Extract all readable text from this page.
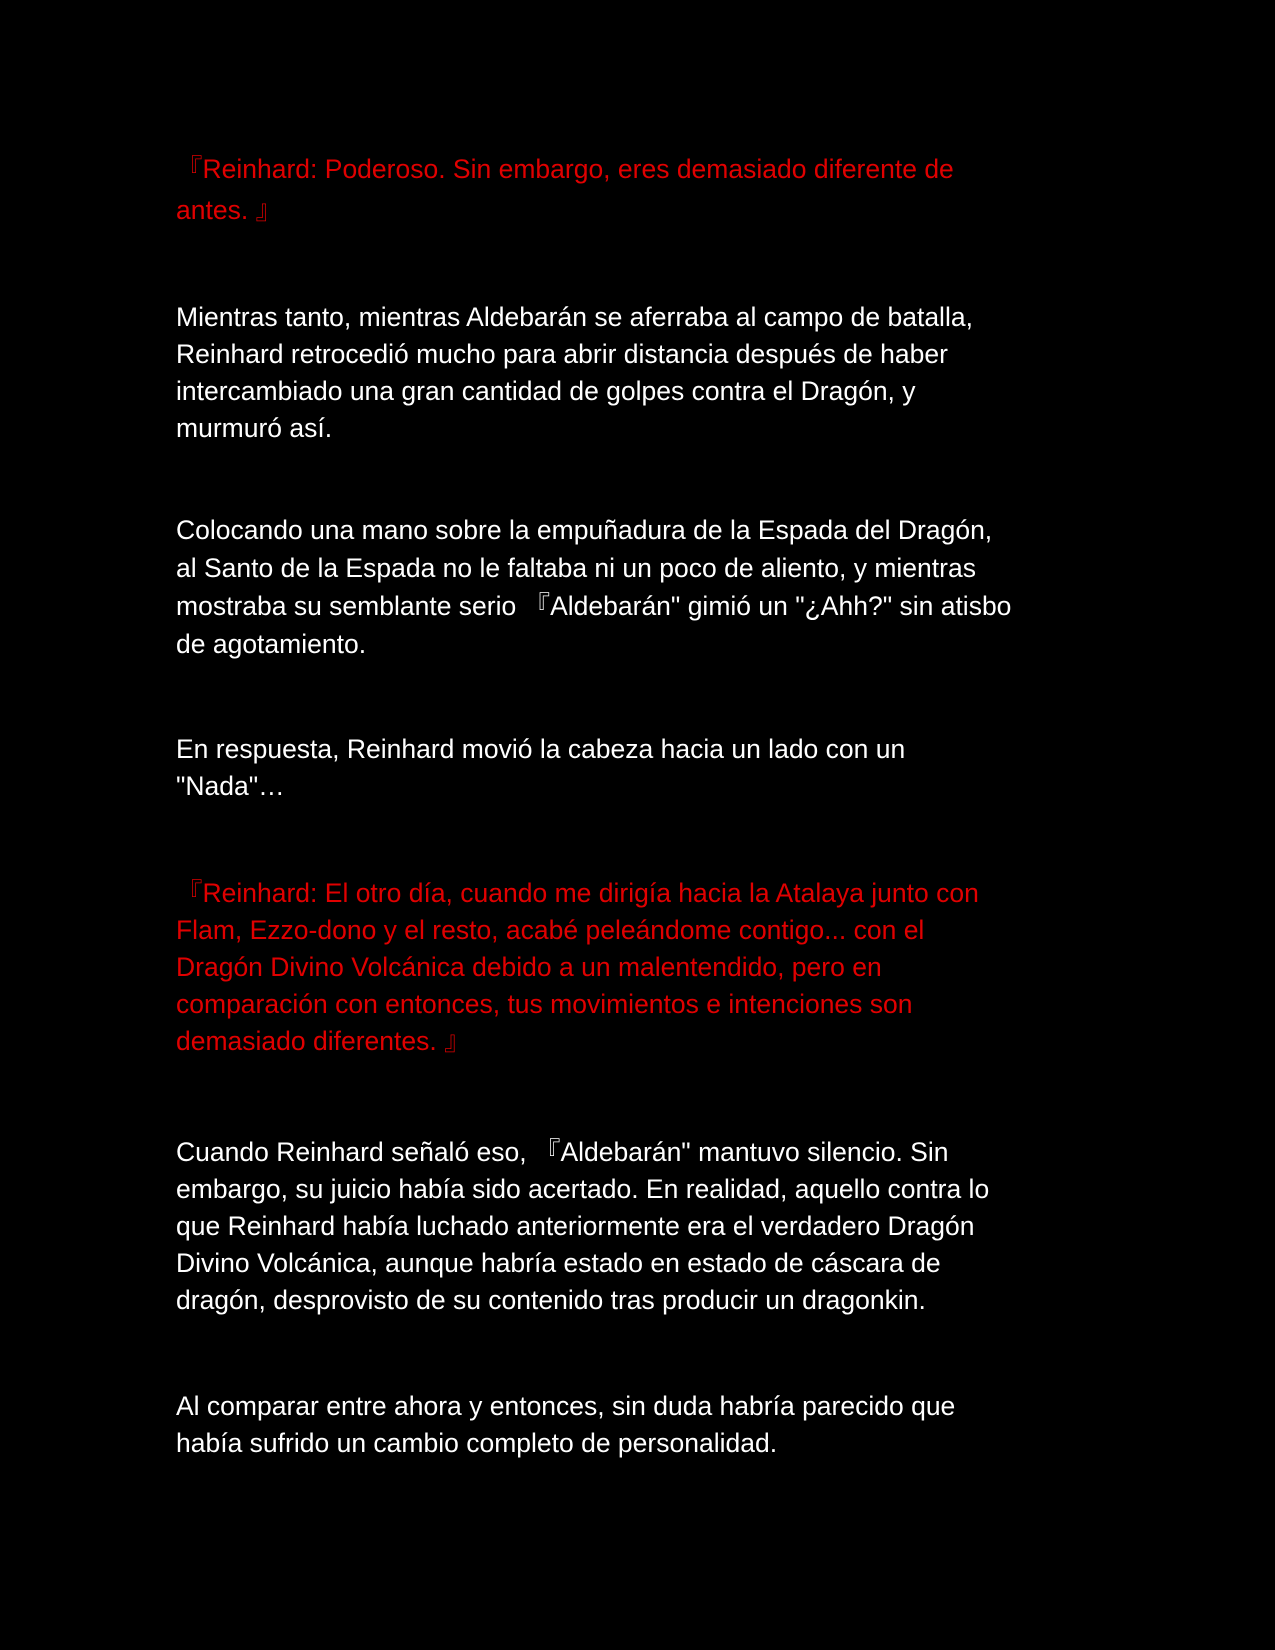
『Reinhard: Poderoso. Sin embargo, eres demasiado diferente de
antes. 』

Mientras tanto, mientras Aldebarán se aferraba al campo de batalla,
Reinhard retrocedió mucho para abrir distancia después de haber
intercambiado una gran cantidad de golpes contra el Dragón, y
murmuró así.

Colocando una mano sobre la empuñadura de la Espada del Dragón,
al Santo de la Espada no le faltaba ni un poco de aliento, y mientras
mostraba su semblante serio 『Aldebarán" gimió un "¿Ahh?" sin atisbo
de agotamiento.

En respuesta, Reinhard movió la cabeza hacia un lado con un
"Nada"…

『Reinhard: El otro día, cuando me dirigía hacia la Atalaya junto con
Flam, Ezzo-dono y el resto, acabé peleándome contigo... con el
Dragón Divino Volcánica debido a un malentendido, pero en
comparación con entonces, tus movimientos e intenciones son
demasiado diferentes. 』

Cuando Reinhard señaló eso, 『Aldebarán" mantuvo silencio. Sin
embargo, su juicio había sido acertado. En realidad, aquello contra lo
que Reinhard había luchado anteriormente era el verdadero Dragón
Divino Volcánica, aunque habría estado en estado de cáscara de
dragón, desprovisto de su contenido tras producir un dragonkin.

Al comparar entre ahora y entonces, sin duda habría parecido que
había sufrido un cambio completo de personalidad.
